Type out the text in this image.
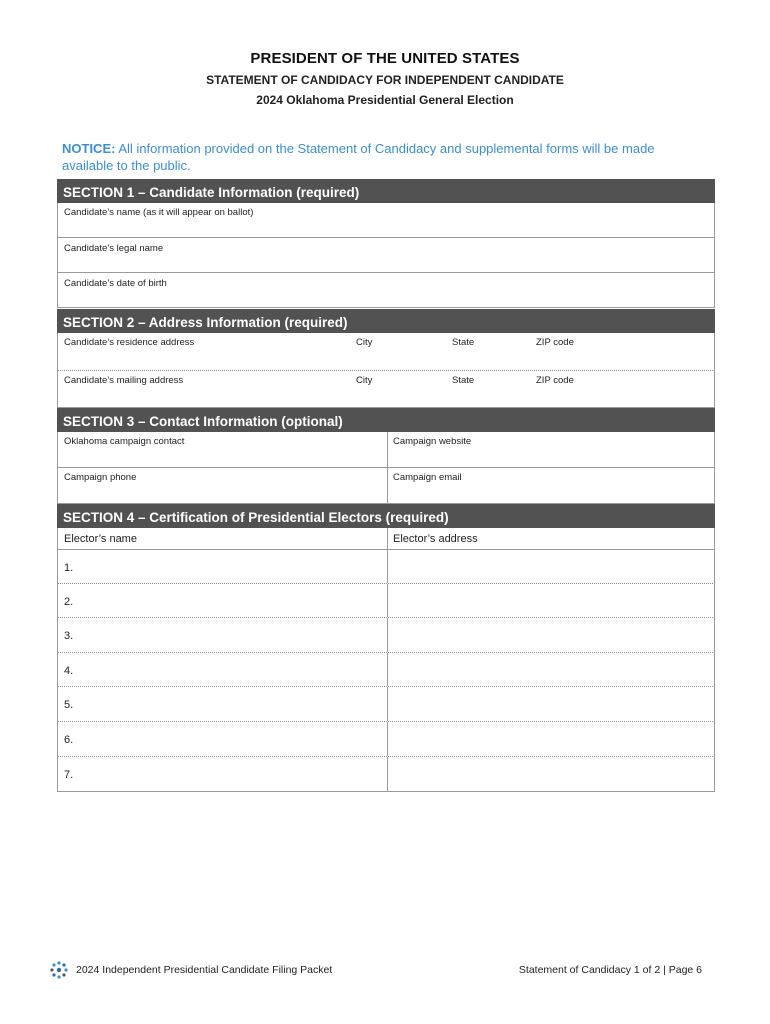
PRESIDENT OF THE UNITED STATES
STATEMENT OF CANDIDACY FOR INDEPENDENT CANDIDATE
2024 Oklahoma Presidential General Election
NOTICE: All information provided on the Statement of Candidacy and supplemental forms will be made available to the public.
SECTION 1 – Candidate Information (required)
Candidate’s name (as it will appear on ballot)
Candidate’s legal name
Candidate’s date of birth
SECTION 2 – Address Information (required)
Candidate’s residence address	City	State	ZIP code
Candidate’s mailing address	City	State	ZIP code
SECTION 3 – Contact Information (optional)
Oklahoma campaign contact	Campaign website
Campaign phone	Campaign email
SECTION 4 – Certification of Presidential Electors (required)
Elector’s name	Elector’s address
1.
2.
3.
4.
5.
6.
7.
2024 Independent Presidential Candidate Filing Packet	Statement of Candidacy 1 of 2 | Page 6
